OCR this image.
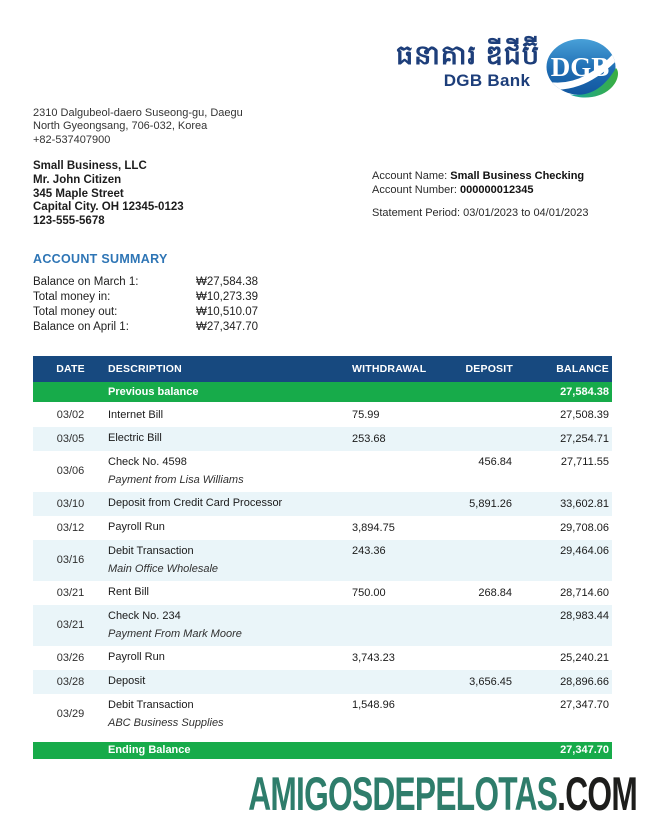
ធនាគារ ឌីជីប៊ី
DGB Bank DGB
2310 Dalgubeol-daero Suseong-gu, Daegu
North Gyeongsang, 706-032, Korea
+82-537407900
Small Business, LLC
Mr. John Citizen
345 Maple Street
Capital City. OH 12345-0123
123-555-5678
Account Name: Small Business Checking
Account Number: 000000012345
Statement Period: 03/01/2023 to 04/01/2023
ACCOUNT SUMMARY
Balance on March 1:	₩27,584.38
Total money in:	₩10,273.39
Total money out:	₩10,510.07
Balance on April 1:	₩27,347.70
DATE	DESCRIPTION	WITHDRAWAL	DEPOSIT	BALANCE
	Previous balance			27,584.38
03/02	Internet Bill	75.99		27,508.39
03/05	Electric Bill	253.68		27,254.71
03/06	Check No. 4598
Payment from Lisa Williams		456.84	27,711.55
03/10	Deposit from Credit Card Processor		5,891.26	33,602.81
03/12	Payroll Run	3,894.75		29,708.06
03/16	Debit Transaction
Main Office Wholesale	243.36		29,464.06
03/21	Rent Bill	750.00	268.84	28,714.60
03/21	Check No. 234
Payment From Mark Moore			28,983.44
03/26	Payroll Run	3,743.23		25,240.21
03/28	Deposit		3,656.45	28,896.66
03/29	Debit Transaction
ABC Business Supplies	1,548.96		27,347.70
	Ending Balance			27,347.70
AMIGOSDEPELOTAS.COM
